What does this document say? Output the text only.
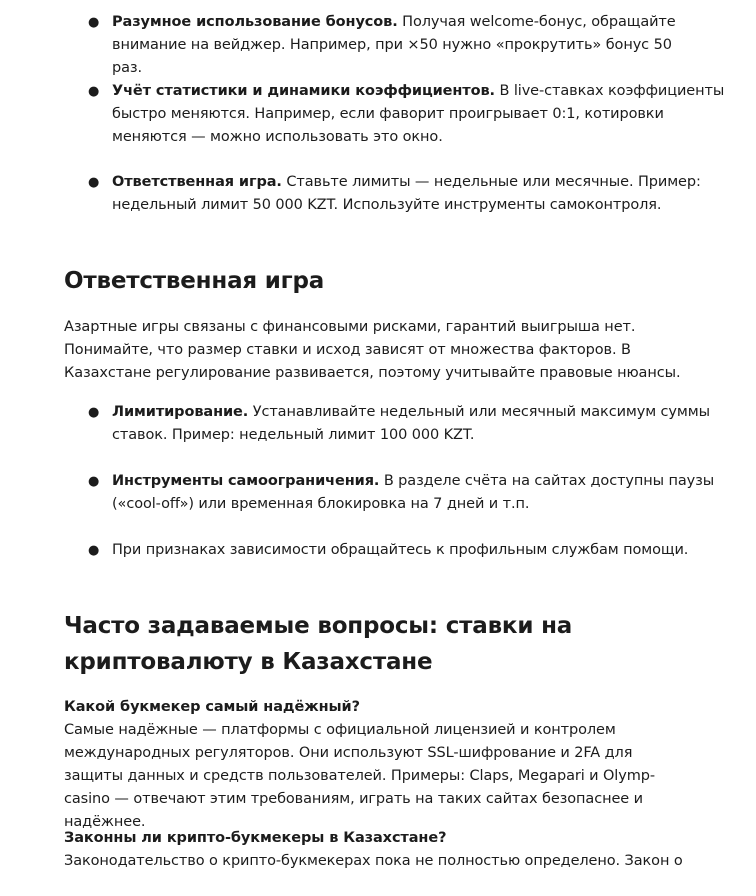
● Разумное использование бонусов. Получая welcome-бонус, обращайте внимание на вейджер. Например, при ×50 нужно «прокрутить» бонус 50 раз.
● Учёт статистики и динамики коэффициентов. В live-ставках коэффициенты быстро меняются. Например, если фаворит проигрывает 0:1, котировки меняются — можно использовать это окно.
● Ответственная игра. Ставьте лимиты — недельные или месячные. Пример: недельный лимит 50 000 KZT. Используйте инструменты самоконтроля.
Ответственная игра

Азартные игры связаны с финансовыми рисками, гарантий выигрыша нет. Понимайте, что размер ставки и исход зависят от множества факторов. В Казахстане регулирование развивается, поэтому учитывайте правовые нюансы.

● Лимитирование. Устанавливайте недельный или месячный максимум суммы ставок. Пример: недельный лимит 100 000 KZT.
● Инструменты самоограничения. В разделе счёта на сайтах доступны паузы («cool-off») или временная блокировка на 7 дней и т.п.
● При признаках зависимости обращайтесь к профильным службам помощи.
Часто задаваемые вопросы: ставки на криптовалюту в Казахстане
Какой букмекер самый надёжный?
Самые надёжные — платформы с официальной лицензией и контролем международных регуляторов. Они используют SSL-шифрование и 2FA для защиты данных и средств пользователей. Примеры: Claps, Megapari и Olymp-casino — отвечают этим требованиям, играть на таких сайтах безопаснее и надёжнее.
Законны ли крипто-букмекеры в Казахстане?
Законодательство о крипто-букмекерах пока не полностью определено. Закон о
